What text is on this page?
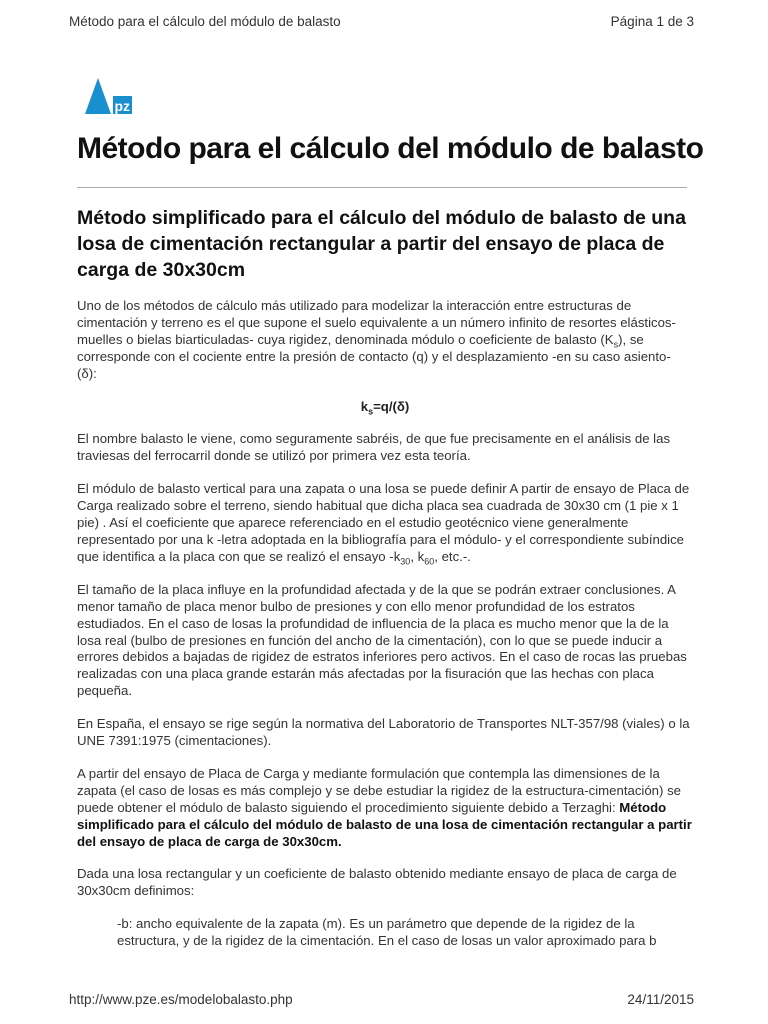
Método para el cálculo del módulo de balasto	Página 1 de 3
pz
Método para el cálculo del módulo de balasto
Método simplificado para el cálculo del módulo de balasto de una losa de cimentación rectangular a partir del ensayo de placa de carga de 30x30cm

Uno de los métodos de cálculo más utilizado para modelizar la interacción entre estructuras de cimentación y terreno es el que supone el suelo equivalente a un número infinito de resortes elásticos-muelles o bielas biarticuladas- cuya rigidez, denominada módulo o coeficiente de balasto $(K_s)$, se corresponde con el cociente entre la presión de contacto (q) y el desplazamiento -en su caso asiento- (δ):

$k_s=q/(\delta)$

El nombre balasto le viene, como seguramente sabréis, de que fue precisamente en el análisis de las traviesas del ferrocarril donde se utilizó por primera vez esta teoría.

El módulo de balasto vertical para una zapata o una losa se puede definir A partir de ensayo de Placa de Carga realizado sobre el terreno, siendo habitual que dicha placa sea cuadrada de 30x30 cm (1 pie x 1 pie) . Así el coeficiente que aparece referenciado en el estudio geotécnico viene generalmente representado por una k -letra adoptada en la bibliografía para el módulo- y el correspondiente subíndice que identifica a la placa con que se realizó el ensayo $-k_{30}$, $k_{60}$, etc.-.

El tamaño de la placa influye en la profundidad afectada y de la que se podrán extraer conclusiones. A menor tamaño de placa menor bulbo de presiones y con ello menor profundidad de los estratos estudiados. En el caso de losas la profundidad de influencia de la placa es mucho menor que la de la losa real (bulbo de presiones en función del ancho de la cimentación), con lo que se puede inducir a errores debidos a bajadas de rigidez de estratos inferiores pero activos. En el caso de rocas las pruebas realizadas con una placa grande estarán más afectadas por la fisuración que las hechas con placa pequeña.

En España, el ensayo se rige según la normativa del Laboratorio de Transportes NLT-357/98 (viales) o la UNE 7391:1975 (cimentaciones).

A partir del ensayo de Placa de Carga y mediante formulación que contempla las dimensiones de la zapata (el caso de losas es más complejo y se debe estudiar la rigidez de la estructura-cimentación) se puede obtener el módulo de balasto siguiendo el procedimiento siguiente debido a Terzaghi: Método simplificado para el cálculo del módulo de balasto de una losa de cimentación rectangular a partir del ensayo de placa de carga de 30x30cm.

Dada una losa rectangular y un coeficiente de balasto obtenido mediante ensayo de placa de carga de 30x30cm definimos:

-b: ancho equivalente de la zapata (m). Es un parámetro que depende de la rigidez de la estructura, y de la rigidez de la cimentación. En el caso de losas un valor aproximado para b

http://www.pze.es/modelobalasto.php	24/11/2015
